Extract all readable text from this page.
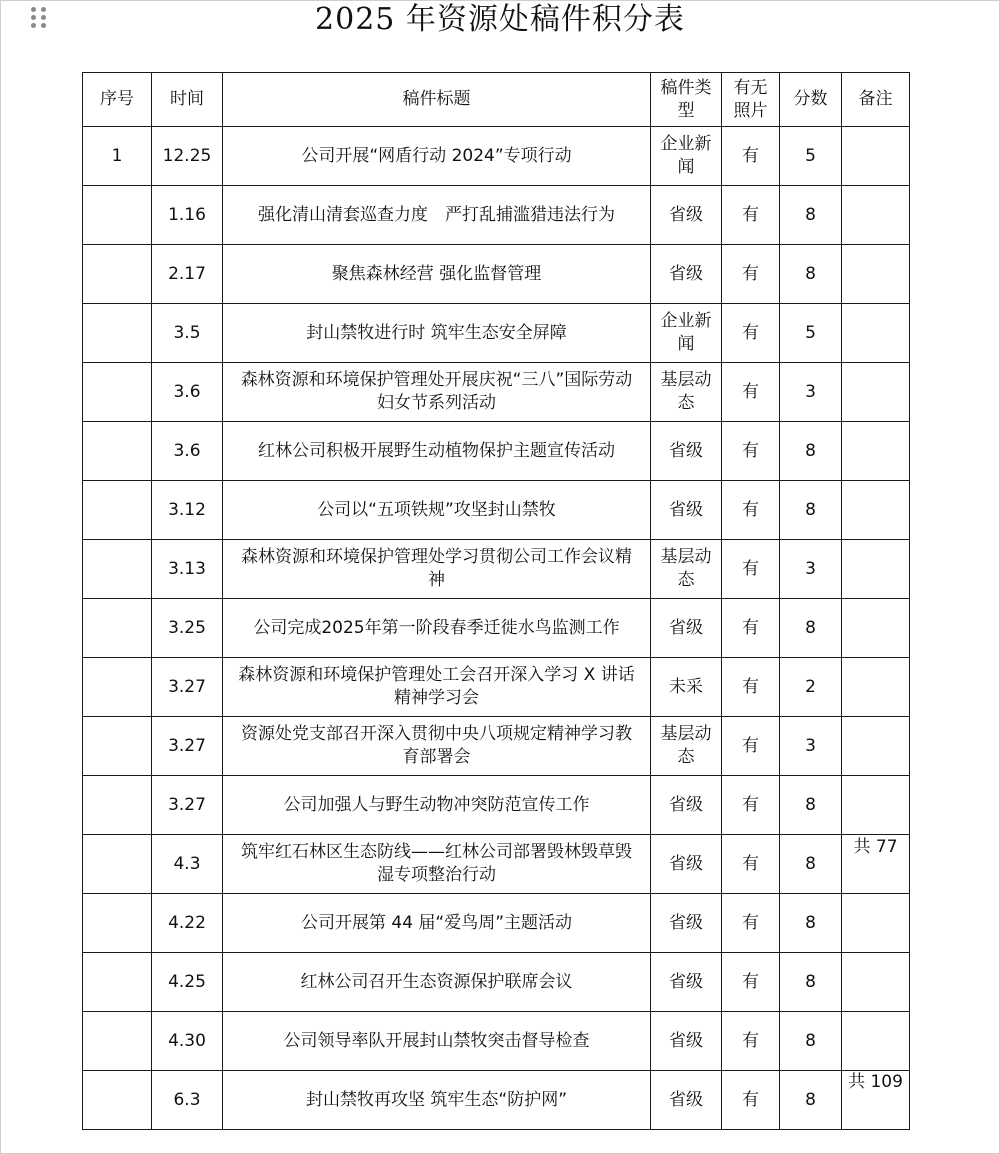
2025 年资源处稿件积分表
序号	时间	稿件标题	稿件类型	有无照片	分数	备注
1	12.25	公司开展“网盾行动 2024”专项行动	企业新闻	有	5	
	1.16	强化清山清套巡查力度　严打乱捕滥猎违法行为	省级	有	8	
	2.17	聚焦森林经营 强化监督管理	省级	有	8	
	3.5	封山禁牧进行时 筑牢生态安全屏障	企业新闻	有	5	
	3.6	森林资源和环境保护管理处开展庆祝“三八”国际劳动妇女节系列活动	基层动态	有	3	
	3.6	红林公司积极开展野生动植物保护主题宣传活动	省级	有	8	
	3.12	公司以“五项铁规”攻坚封山禁牧	省级	有	8	
	3.13	森林资源和环境保护管理处学习贯彻公司工作会议精神	基层动态	有	3	
	3.25	公司完成2025年第一阶段春季迁徙水鸟监测工作	省级	有	8	
	3.27	森林资源和环境保护管理处工会召开深入学习 X 讲话精神学习会	未采	有	2	
	3.27	资源处党支部召开深入贯彻中央八项规定精神学习教育部署会	基层动态	有	3	
	3.27	公司加强人与野生动物冲突防范宣传工作	省级	有	8	
	4.3	筑牢红石林区生态防线——红林公司部署毁林毁草毁湿专项整治行动	省级	有	8	共 77
	4.22	公司开展第 44 届“爱鸟周”主题活动	省级	有	8	
	4.25	红林公司召开生态资源保护联席会议	省级	有	8	
	4.30	公司领导率队开展封山禁牧突击督导检查	省级	有	8	
	6.3	封山禁牧再攻坚 筑牢生态“防护网”	省级	有	8	共 109
